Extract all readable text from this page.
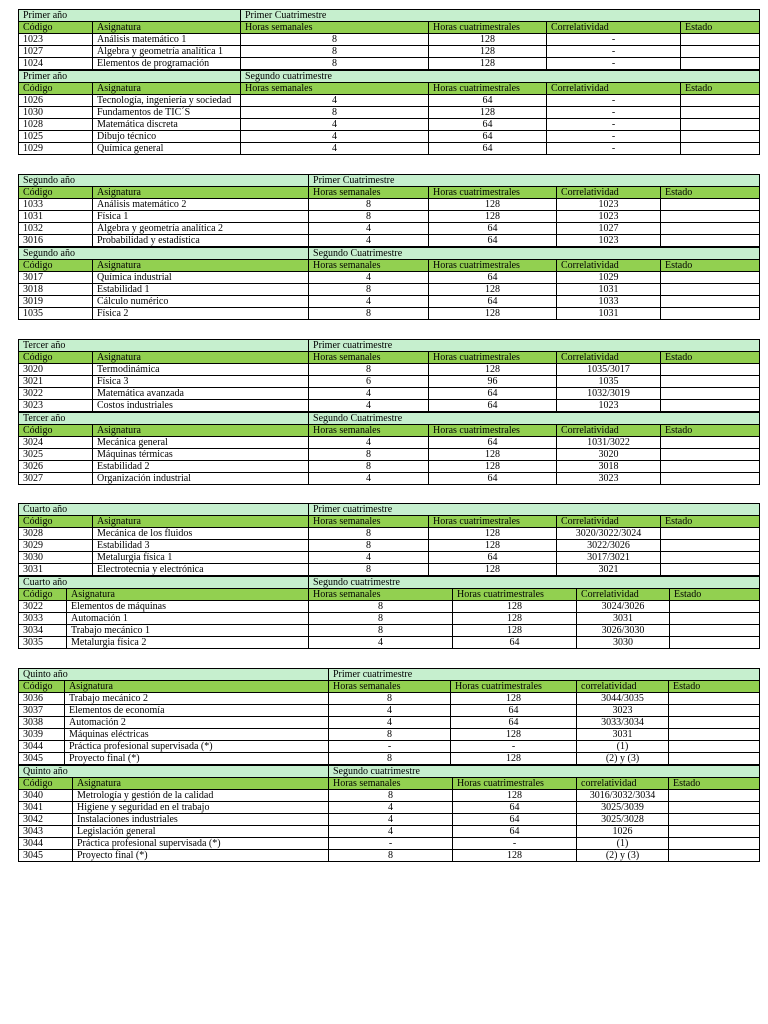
Primer año		Primer Cuatrimestre			
Código	Asignatura	Horas semanales	Horas cuatrimestrales	Correlatividad	Estado
1023	Análisis matemático 1	8	128	-	
1027	Álgebra y geometría analítica 1	8	128	-	
1024	Elementos de programación	8	128	-	
Primer año		Segundo cuatrimestre			
Código	Asignatura	Horas semanales	Horas cuatrimestrales	Correlatividad	Estado
1026	Tecnología, ingeniería y sociedad	4	64	-	
1030	Fundamentos de TIC´S	8	128	-	
1028	Matemática discreta	4	64	-	
1025	Dibujo técnico	4	64	-	
1029	Química general	4	64	-	
Segundo año		Primer Cuatrimestre			
Código	Asignatura	Horas semanales	Horas cuatrimestrales	Correlatividad	Estado
1033	Análisis matemático 2	8	128	1023	
1031	Física 1	8	128	1023	
1032	Álgebra y geometría analítica 2	4	64	1027	
3016	Probabilidad y estadística	4	64	1023	
Segundo año		Segundo Cuatrimestre			
Código	Asignatura	Horas semanales	Horas cuatrimestrales	Correlatividad	Estado
3017	Química industrial	4	64	1029	
3018	Estabilidad 1	8	128	1031	
3019	Cálculo numérico	4	64	1033	
1035	Física 2	8	128	1031	
Tercer año		Primer cuatrimestre			
Código	Asignatura	Horas semanales	Horas cuatrimestrales	Correlatividad	Estado
3020	Termodinámica	8	128	1035/3017	
3021	Física 3	6	96	1035	
3022	Matemática avanzada	4	64	1032/3019	
3023	Costos industriales	4	64	1023	
Tercer año		Segundo Cuatrimestre			
Código	Asignatura	Horas semanales	Horas cuatrimestrales	Correlatividad	Estado
3024	Mecánica general	4	64	1031/3022	
3025	Máquinas térmicas	8	128	3020	
3026	Estabilidad 2	8	128	3018	
3027	Organización industrial	4	64	3023	
Cuarto año		Primer cuatrimestre			
Código	Asignatura	Horas semanales	Horas cuatrimestrales	Correlatividad	Estado
3028	Mecánica de los fluidos	8	128	3020/3022/3024	
3029	Estabilidad 3	8	128	3022/3026	
3030	Metalurgia física 1	4	64	3017/3021	
3031	Electrotecnia y electrónica	8	128	3021	
Cuarto año		Segundo cuatrimestre			
Código	Asignatura	Horas semanales	Horas cuatrimestrales	Correlatividad	Estado
3022	Elementos de máquinas	8	128	3024/3026	
3033	Automación 1	8	128	3031	
3034	Trabajo mecánico 1	8	128	3026/3030	
3035	Metalurgia física 2	4	64	3030	
Quinto año		Primer cuatrimestre			
Código	Asignatura	Horas semanales	Horas cuatrimestrales	correlatividad	Estado
3036	Trabajo mecánico 2	8	128	3044/3035	
3037	Elementos de economía	4	64	3023	
3038	Automación 2	4	64	3033/3034	
3039	Máquinas eléctricas	8	128	3031	
3044	Práctica profesional supervisada (*)	-	-	(1)	
3045	Proyecto final (*)	8	128	(2) y (3)	
Quinto año		Segundo cuatrimestre			
Código	Asignatura	Horas semanales	Horas cuatrimestrales	correlatividad	Estado
3040	Metrología y gestión de la calidad	8	128	3016/3032/3034	
3041	Higiene y seguridad en el trabajo	4	64	3025/3039	
3042	Instalaciones industriales	4	64	3025/3028	
3043	Legislación general	4	64	1026	
3044	Práctica profesional supervisada (*)	-	-	(1)	
3045	Proyecto final (*)	8	128	(2) y (3)	
